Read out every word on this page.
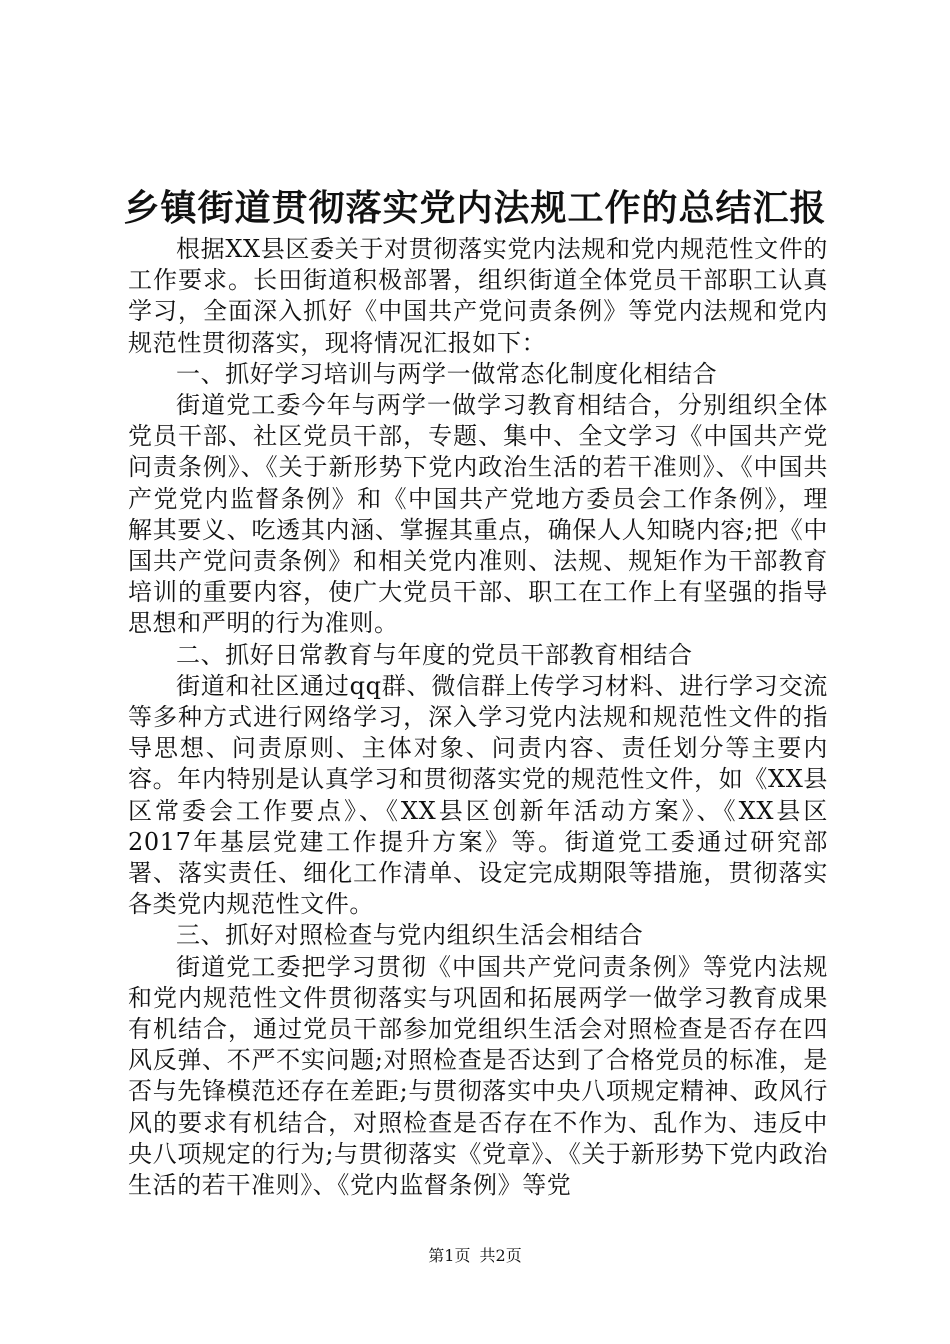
乡镇街道贯彻落实党内法规工作的总结汇报

根据XX县区委关于对贯彻落实党内法规和党内规范性文件的工作要求。长田街道积极部署，组织街道全体党员干部职工认真学习，全面深入抓好《中国共产党问责条例》等党内法规和党内规范性贯彻落实，现将情况汇报如下：

一、抓好学习培训与两学一做常态化制度化相结合

街道党工委今年与两学一做学习教育相结合，分别组织全体党员干部、社区党员干部，专题、集中、全文学习《中国共产党问责条例》、《关于新形势下党内政治生活的若干准则》、《中国共产党党内监督条例》和《中国共产党地方委员会工作条例》，理解其要义、吃透其内涵、掌握其重点，确保人人知晓内容;把《中国共产党问责条例》和相关党内准则、法规、规矩作为干部教育培训的重要内容，使广大党员干部、职工在工作上有坚强的指导思想和严明的行为准则。

二、抓好日常教育与年度的党员干部教育相结合

街道和社区通过qq群、微信群上传学习材料、进行学习交流等多种方式进行网络学习，深入学习党内法规和规范性文件的指导思想、问责原则、主体对象、问责内容、责任划分等主要内容。年内特别是认真学习和贯彻落实党的规范性文件，如《XX县区常委会工作要点》、《XX县区创新年活动方案》、《XX县区2017年基层党建工作提升方案》等。街道党工委通过研究部署、落实责任、细化工作清单、设定完成期限等措施，贯彻落实各类党内规范性文件。

三、抓好对照检查与党内组织生活会相结合

街道党工委把学习贯彻《中国共产党问责条例》等党内法规和党内规范性文件贯彻落实与巩固和拓展两学一做学习教育成果有机结合，通过党员干部参加党组织生活会对照检查是否存在四风反弹、不严不实问题;对照检查是否达到了合格党员的标准，是否与先锋模范还存在差距;与贯彻落实中央八项规定精神、政风行风的要求有机结合，对照检查是否存在不作为、乱作为、违反中央八项规定的行为;与贯彻落实《党章》、《关于新形势下党内政治生活的若干准则》、《党内监督条例》等党

第1页 共2页
